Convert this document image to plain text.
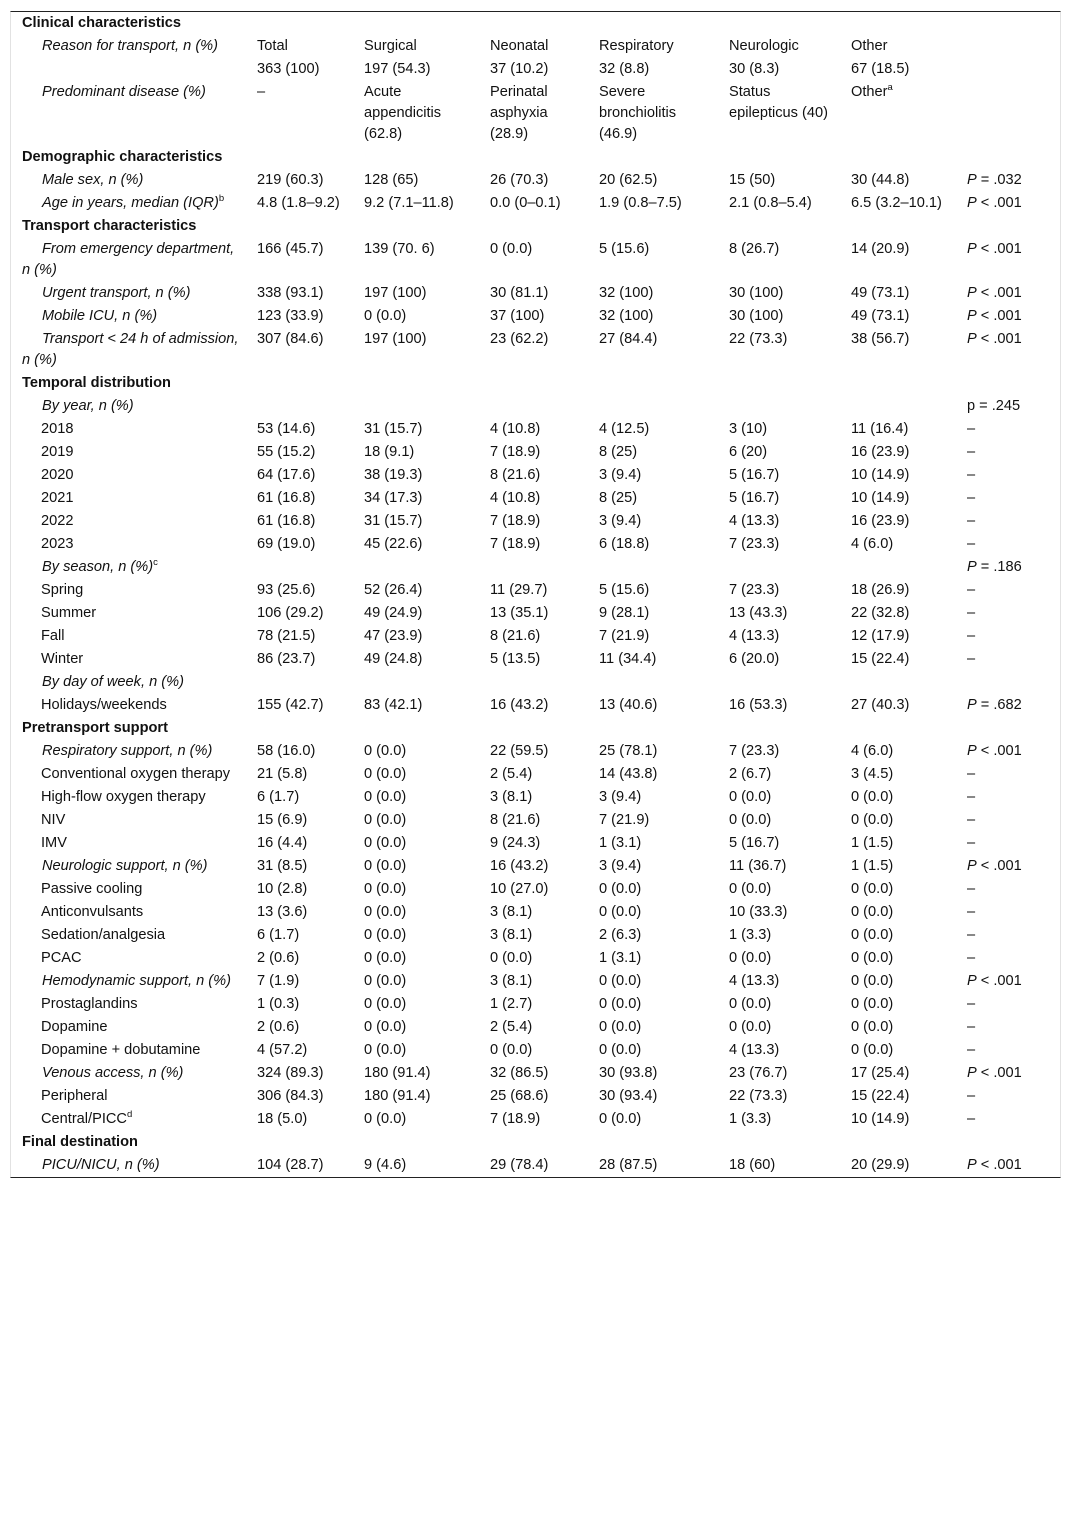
Clinical characteristics							
Reason for transport, n (%)	Total	Surgical	Neonatal	Respiratory	Neurologic	Other	
	363 (100)	197 (54.3)	37 (10.2)	32 (8.8)	30 (8.3)	67 (18.5)	
Predominant disease (%)	–	Acute appendicitis (62.8)	Perinatal asphyxia (28.9)	Severe bronchiolitis (46.9)	Status epilepticus (40)	Other$^a$	
Demographic characteristics							
Male sex, n (%)	219 (60.3)	128 (65)	26 (70.3)	20 (62.5)	15 (50)	30 (44.8)	P = .032
Age in years, median (IQR)$^b$	4.8 (1.8–9.2)	9.2 (7.1–11.8)	0.0 (0–0.1)	1.9 (0.8–7.5)	2.1 (0.8–5.4)	6.5 (3.2–10.1)	P < .001
Transport characteristics							
From emergency department, n (%)	166 (45.7)	139 (70. 6)	0 (0.0)	5 (15.6)	8 (26.7)	14 (20.9)	P < .001
Urgent transport, n (%)	338 (93.1)	197 (100)	30 (81.1)	32 (100)	30 (100)	49 (73.1)	P < .001
Mobile ICU, n (%)	123 (33.9)	0 (0.0)	37 (100)	32 (100)	30 (100)	49 (73.1)	P < .001
Transport < 24 h of admission, n (%)	307 (84.6)	197 (100)	23 (62.2)	27 (84.4)	22 (73.3)	38 (56.7)	P < .001
Temporal distribution							
By year, n (%)							p = .245
2018	53 (14.6)	31 (15.7)	4 (10.8)	4 (12.5)	3 (10)	11 (16.4)	–
2019	55 (15.2)	18 (9.1)	7 (18.9)	8 (25)	6 (20)	16 (23.9)	–
2020	64 (17.6)	38 (19.3)	8 (21.6)	3 (9.4)	5 (16.7)	10 (14.9)	–
2021	61 (16.8)	34 (17.3)	4 (10.8)	8 (25)	5 (16.7)	10 (14.9)	–
2022	61 (16.8)	31 (15.7)	7 (18.9)	3 (9.4)	4 (13.3)	16 (23.9)	–
2023	69 (19.0)	45 (22.6)	7 (18.9)	6 (18.8)	7 (23.3)	4 (6.0)	–
By season, n (%)$^c$							P = .186
Spring	93 (25.6)	52 (26.4)	11 (29.7)	5 (15.6)	7 (23.3)	18 (26.9)	–
Summer	106 (29.2)	49 (24.9)	13 (35.1)	9 (28.1)	13 (43.3)	22 (32.8)	–
Fall	78 (21.5)	47 (23.9)	8 (21.6)	7 (21.9)	4 (13.3)	12 (17.9)	–
Winter	86 (23.7)	49 (24.8)	5 (13.5)	11 (34.4)	6 (20.0)	15 (22.4)	–
By day of week, n (%)							
Holidays/weekends	155 (42.7)	83 (42.1)	16 (43.2)	13 (40.6)	16 (53.3)	27 (40.3)	P = .682
Pretransport support							
Respiratory support, n (%)	58 (16.0)	0 (0.0)	22 (59.5)	25 (78.1)	7 (23.3)	4 (6.0)	P < .001
Conventional oxygen therapy	21 (5.8)	0 (0.0)	2 (5.4)	14 (43.8)	2 (6.7)	3 (4.5)	–
High-flow oxygen therapy	6 (1.7)	0 (0.0)	3 (8.1)	3 (9.4)	0 (0.0)	0 (0.0)	–
NIV	15 (6.9)	0 (0.0)	8 (21.6)	7 (21.9)	0 (0.0)	0 (0.0)	–
IMV	16 (4.4)	0 (0.0)	9 (24.3)	1 (3.1)	5 (16.7)	1 (1.5)	–
Neurologic support, n (%)	31 (8.5)	0 (0.0)	16 (43.2)	3 (9.4)	11 (36.7)	1 (1.5)	P < .001
Passive cooling	10 (2.8)	0 (0.0)	10 (27.0)	0 (0.0)	0 (0.0)	0 (0.0)	–
Anticonvulsants	13 (3.6)	0 (0.0)	3 (8.1)	0 (0.0)	10 (33.3)	0 (0.0)	–
Sedation/analgesia	6 (1.7)	0 (0.0)	3 (8.1)	2 (6.3)	1 (3.3)	0 (0.0)	–
PCAC	2 (0.6)	0 (0.0)	0 (0.0)	1 (3.1)	0 (0.0)	0 (0.0)	–
Hemodynamic support, n (%)	7 (1.9)	0 (0.0)	3 (8.1)	0 (0.0)	4 (13.3)	0 (0.0)	P < .001
Prostaglandins	1 (0.3)	0 (0.0)	1 (2.7)	0 (0.0)	0 (0.0)	0 (0.0)	–
Dopamine	2 (0.6)	0 (0.0)	2 (5.4)	0 (0.0)	0 (0.0)	0 (0.0)	–
Dopamine + dobutamine	4 (57.2)	0 (0.0)	0 (0.0)	0 (0.0)	4 (13.3)	0 (0.0)	–
Venous access, n (%)	324 (89.3)	180 (91.4)	32 (86.5)	30 (93.8)	23 (76.7)	17 (25.4)	P < .001
Peripheral	306 (84.3)	180 (91.4)	25 (68.6)	30 (93.4)	22 (73.3)	15 (22.4)	–
Central/PICC$^d$	18 (5.0)	0 (0.0)	7 (18.9)	0 (0.0)	1 (3.3)	10 (14.9)	–
Final destination							
PICU/NICU, n (%)	104 (28.7)	9 (4.6)	29 (78.4)	28 (87.5)	18 (60)	20 (29.9)	P < .001
